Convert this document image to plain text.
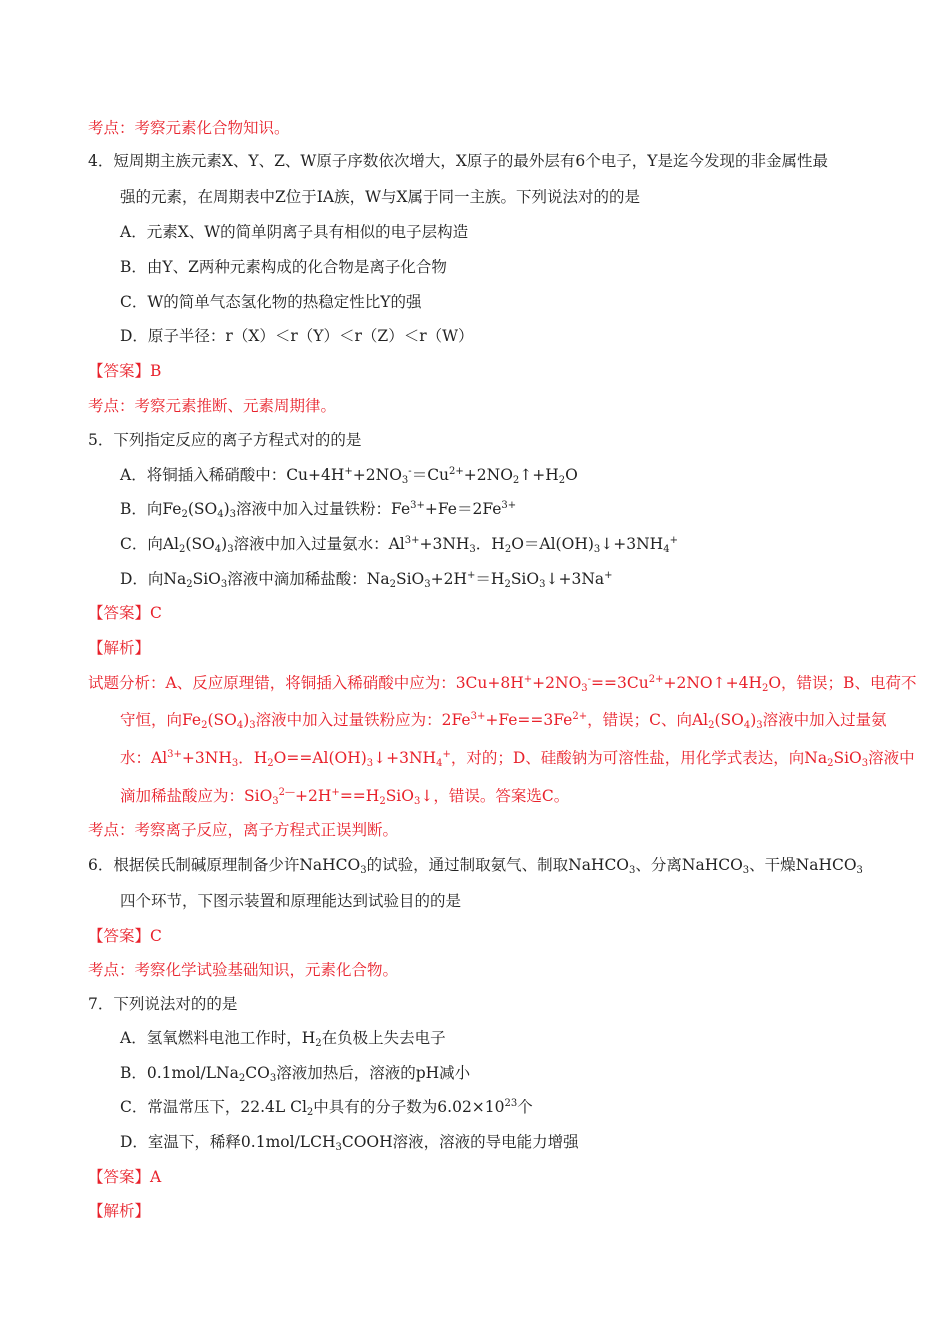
考点：考察元素化合物知识。
4．短周期主族元素X、Y、Z、W原子序数依次增大，X原子的最外层有6个电子，Y是迄今发现的非金属性最
强的元素，在周期表中Z位于IA族，W与X属于同一主族。下列说法对的的是
A．元素X、W的简单阴离子具有相似的电子层构造
B．由Y、Z两种元素构成的化合物是离子化合物
C．W的简单气态氢化物的热稳定性比Y的强
D．原子半径：r（X）＜r（Y）＜r（Z）＜r（W）
【答案】B
考点：考察元素推断、元素周期律。
5．下列指定反应的离子方程式对的的是
A．将铜插入稀硝酸中：$Cu+4H^++2NO_3^-=Cu^{2+}+2NO_2↑+H_2O$
B．向$Fe_2(SO_4)_3$溶液中加入过量铁粉：$Fe^{3+}+Fe=2Fe^{3+}$
C．向$Al_2(SO_4)_3$溶液中加入过量氨水：$Al^{3+}+3NH_3$．$H_2O=Al(OH)_3↓+3NH_4^+$
D．向$Na_2SiO_3$溶液中滴加稀盐酸：$Na_2SiO_3+2H^+=H_2SiO_3↓+3Na^+$
【答案】C
【解析】
试题分析：A、反应原理错，将铜插入稀硝酸中应为：$3Cu+8H^++2NO_3^-==3Cu^{2+}+2NO↑+4H_2O$，错误；B、电荷不
守恒，向$Fe_2(SO_4)_3$溶液中加入过量铁粉应为：$2Fe^{3+}+Fe==3Fe^{2+}$，错误；C、向$Al_2(SO_4)_3$溶液中加入过量氨
水：$Al^{3+}+3NH_3$．$H_2O==Al(OH)_3↓+3NH_4^+$，对的；D、硅酸钠为可溶性盐，用化学式表达，向$Na_2SiO_3$溶液中
滴加稀盐酸应为：$SiO_3^{2—}+2H^+==H_2SiO_3↓$，错误。答案选C。
考点：考察离子反应，离子方程式正误判断。
6．根据侯氏制碱原理制备少许NaHCO$_3$的试验，通过制取氨气、制取NaHCO$_3$、分离NaHCO$_3$、干燥NaHCO$_3$
四个环节，下图示装置和原理能达到试验目的的是
【答案】C
考点：考察化学试验基础知识，元素化合物。
7．下列说法对的的是
A．氢氧燃料电池工作时，$H_2$在负极上失去电子
B．$0.1mol/LNa_2CO_3$溶液加热后，溶液的pH减小
C．常温常压下，22.4L $Cl_2$中具有的分子数为$6.02\times 10^{23}$个
D．室温下，稀释$0.1mol/LCH_3COOH$溶液，溶液的导电能力增强
【答案】A
【解析】
